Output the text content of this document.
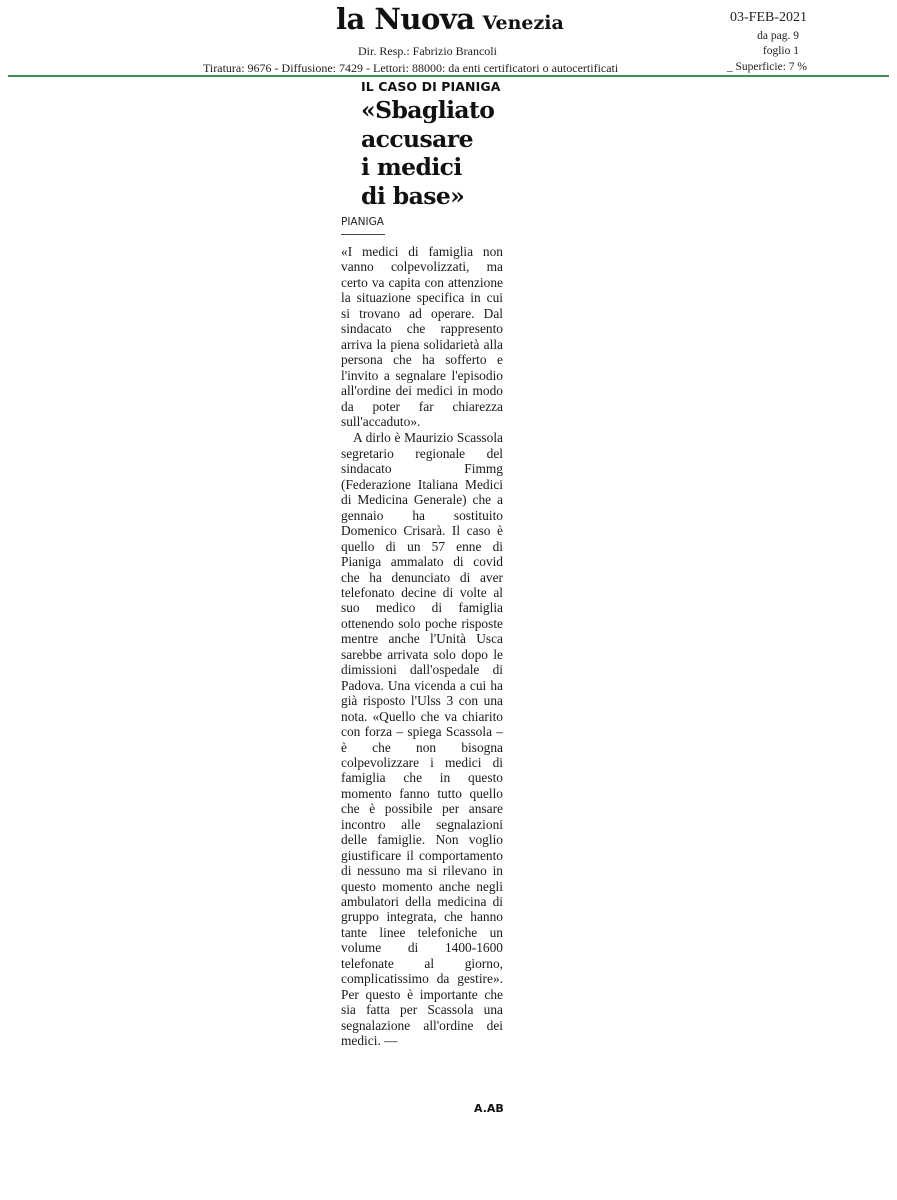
la Nuova Venezia
Dir. Resp.: Fabrizio Brancoli
Tiratura: 9676 - Diffusione: 7429 - Lettori: 88000: da enti certificatori o autocertificati
03-FEB-2021
da pag. 9
foglio 1
_ Superficie: 7 %
IL CASO DI PIANIGA
«Sbagliato
accusare
i medici
di base»
PIANIGA

«I medici di famiglia non vanno colpevolizzati, ma certo va capita con attenzione la situazione specifica in cui si trovano ad operare. Dal sindacato che rappresento arriva la piena solidarietà alla persona che ha sofferto e l'invito a segnalare l'episodio all'ordine dei medici in modo da poter far chiarezza sull'accaduto».

A dirlo è Maurizio Scassola segretario regionale del sindacato Fimmg (Federazione Italiana Medici di Medicina Generale) che a gennaio ha sostituito Domenico Crisarà. Il caso è quello di un 57 enne di Pianiga ammalato di covid che ha denunciato di aver telefonato decine di volte al suo medico di famiglia ottenendo solo poche risposte mentre anche l'Unità Usca sarebbe arrivata solo dopo le dimissioni dall'ospedale di Padova. Una vicenda a cui ha già risposto l'Ulss 3 con una nota. «Quello che va chiarito con forza – spiega Scassola – è che non bisogna colpevolizzare i medici di famiglia che in questo momento fanno tutto quello che è possibile per ansare incontro alle segnalazioni delle famiglie. Non voglio giustificare il comportamento di nessuno ma si rilevano in questo momento anche negli ambulatori della medicina di gruppo integrata, che hanno tante linee telefoniche un volume di 1400-1600 telefonate al giorno, complicatissimo da gestire». Per questo è importante che sia fatta per Scassola una segnalazione all'ordine dei medici. —

A.AB
